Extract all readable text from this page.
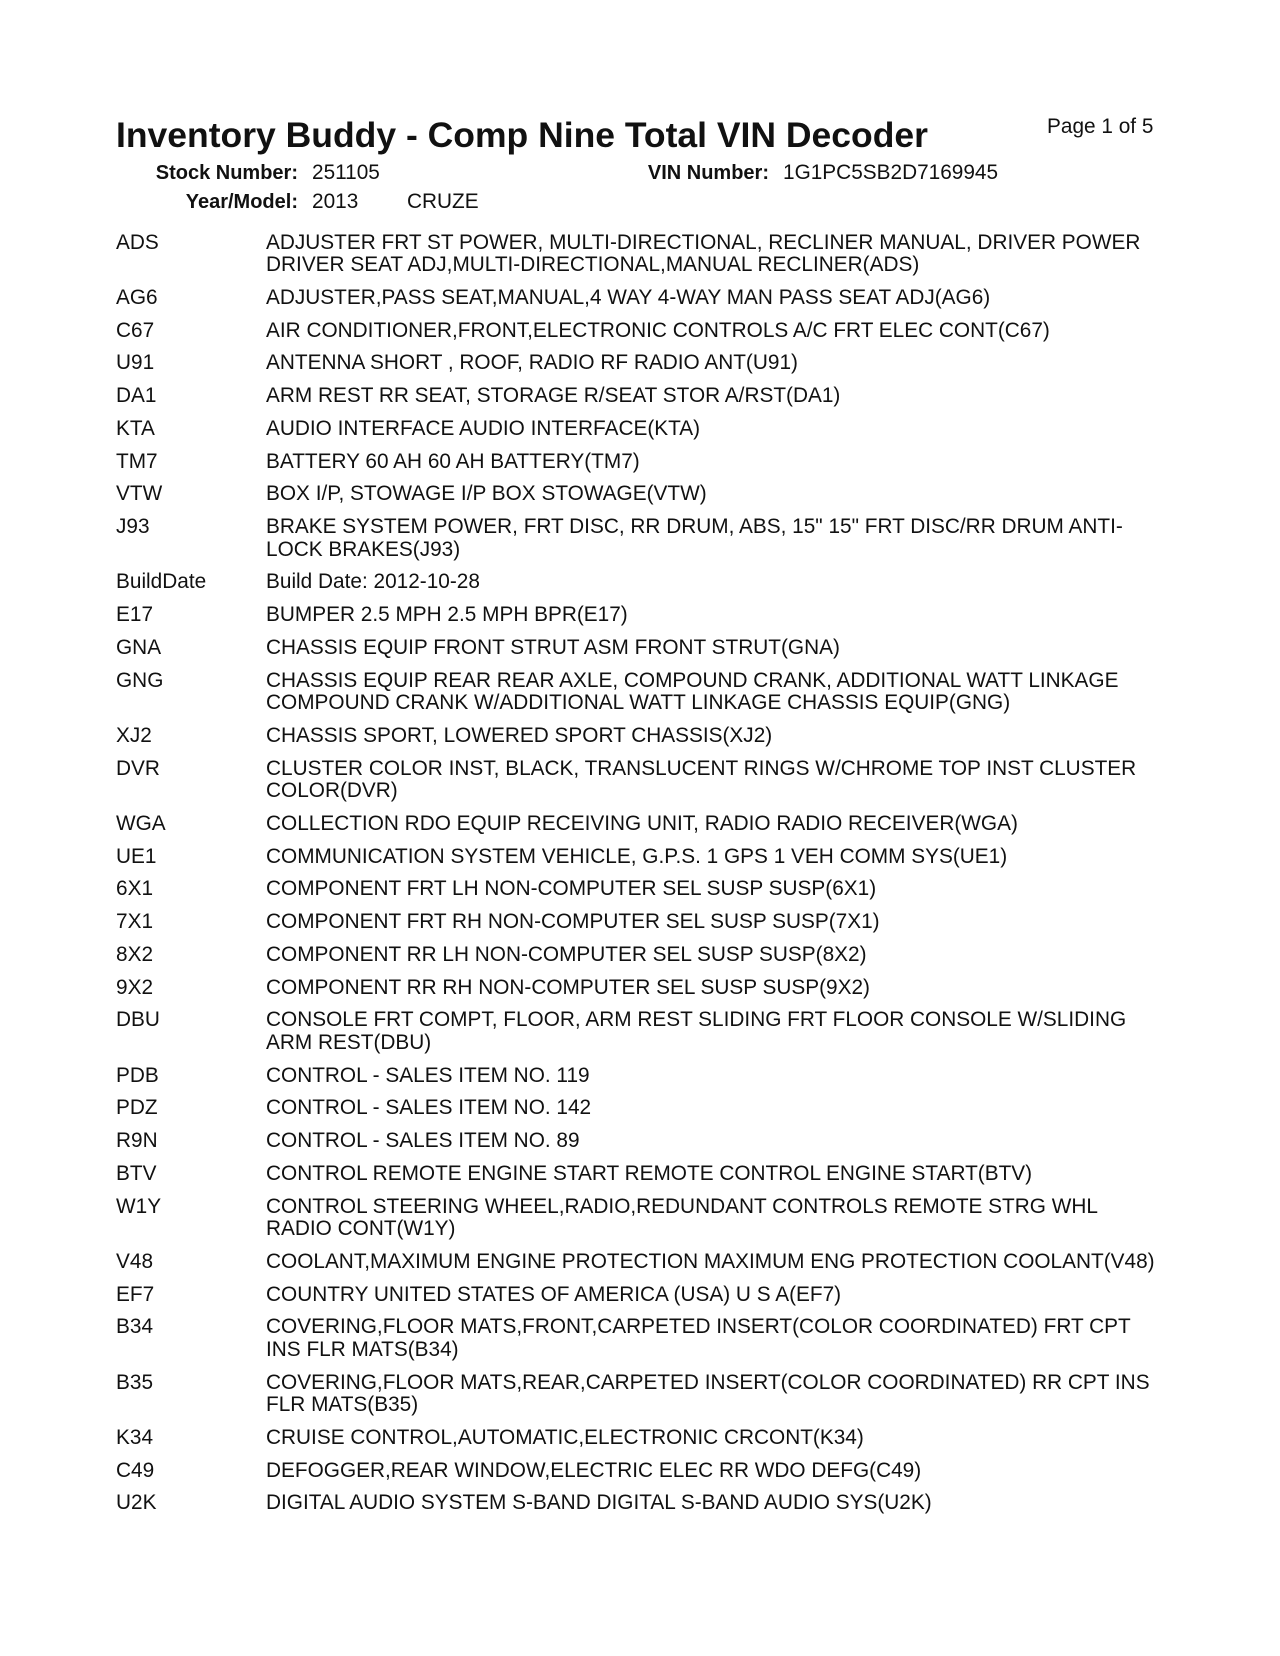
Inventory Buddy - Comp Nine Total VIN Decoder	Page 1 of 5
Stock Number: 251105	VIN Number: 1G1PC5SB2D7169945
Year/Model: 2013 CRUZE
ADS	ADJUSTER FRT ST POWER, MULTI-DIRECTIONAL, RECLINER MANUAL, DRIVER POWER
DRIVER SEAT ADJ,MULTI-DIRECTIONAL,MANUAL RECLINER(ADS)
AG6	ADJUSTER,PASS SEAT,MANUAL,4 WAY 4-WAY MAN PASS SEAT ADJ(AG6)
C67	AIR CONDITIONER,FRONT,ELECTRONIC CONTROLS A/C FRT ELEC CONT(C67)
U91	ANTENNA SHORT , ROOF, RADIO RF RADIO ANT(U91)
DA1	ARM REST RR SEAT, STORAGE R/SEAT STOR A/RST(DA1)
KTA	AUDIO INTERFACE AUDIO INTERFACE(KTA)
TM7	BATTERY 60 AH 60 AH BATTERY(TM7)
VTW	BOX I/P, STOWAGE I/P BOX STOWAGE(VTW)
J93	BRAKE SYSTEM POWER, FRT DISC, RR DRUM, ABS, 15" 15" FRT DISC/RR DRUM ANTI-
LOCK BRAKES(J93)
BuildDate	Build Date: 2012-10-28
E17	BUMPER 2.5 MPH 2.5 MPH BPR(E17)
GNA	CHASSIS EQUIP FRONT STRUT ASM FRONT STRUT(GNA)
GNG	CHASSIS EQUIP REAR REAR AXLE, COMPOUND CRANK, ADDITIONAL WATT LINKAGE
COMPOUND CRANK W/ADDITIONAL WATT LINKAGE CHASSIS EQUIP(GNG)
XJ2	CHASSIS SPORT, LOWERED SPORT CHASSIS(XJ2)
DVR	CLUSTER COLOR INST, BLACK, TRANSLUCENT RINGS W/CHROME TOP INST CLUSTER
COLOR(DVR)
WGA	COLLECTION RDO EQUIP RECEIVING UNIT, RADIO RADIO RECEIVER(WGA)
UE1	COMMUNICATION SYSTEM VEHICLE, G.P.S. 1 GPS 1 VEH COMM SYS(UE1)
6X1	COMPONENT FRT LH NON-COMPUTER SEL SUSP SUSP(6X1)
7X1	COMPONENT FRT RH NON-COMPUTER SEL SUSP SUSP(7X1)
8X2	COMPONENT RR LH NON-COMPUTER SEL SUSP SUSP(8X2)
9X2	COMPONENT RR RH NON-COMPUTER SEL SUSP SUSP(9X2)
DBU	CONSOLE FRT COMPT, FLOOR, ARM REST SLIDING FRT FLOOR CONSOLE W/SLIDING
ARM REST(DBU)
PDB	CONTROL - SALES ITEM NO. 119
PDZ	CONTROL - SALES ITEM NO. 142
R9N	CONTROL - SALES ITEM NO. 89
BTV	CONTROL REMOTE ENGINE START REMOTE CONTROL ENGINE START(BTV)
W1Y	CONTROL STEERING WHEEL,RADIO,REDUNDANT CONTROLS REMOTE STRG WHL
RADIO CONT(W1Y)
V48	COOLANT,MAXIMUM ENGINE PROTECTION MAXIMUM ENG PROTECTION COOLANT(V48)
EF7	COUNTRY UNITED STATES OF AMERICA (USA) U S A(EF7)
B34	COVERING,FLOOR MATS,FRONT,CARPETED INSERT(COLOR COORDINATED) FRT CPT
INS FLR MATS(B34)
B35	COVERING,FLOOR MATS,REAR,CARPETED INSERT(COLOR COORDINATED) RR CPT INS
FLR MATS(B35)
K34	CRUISE CONTROL,AUTOMATIC,ELECTRONIC CRCONT(K34)
C49	DEFOGGER,REAR WINDOW,ELECTRIC ELEC RR WDO DEFG(C49)
U2K	DIGITAL AUDIO SYSTEM S-BAND DIGITAL S-BAND AUDIO SYS(U2K)
